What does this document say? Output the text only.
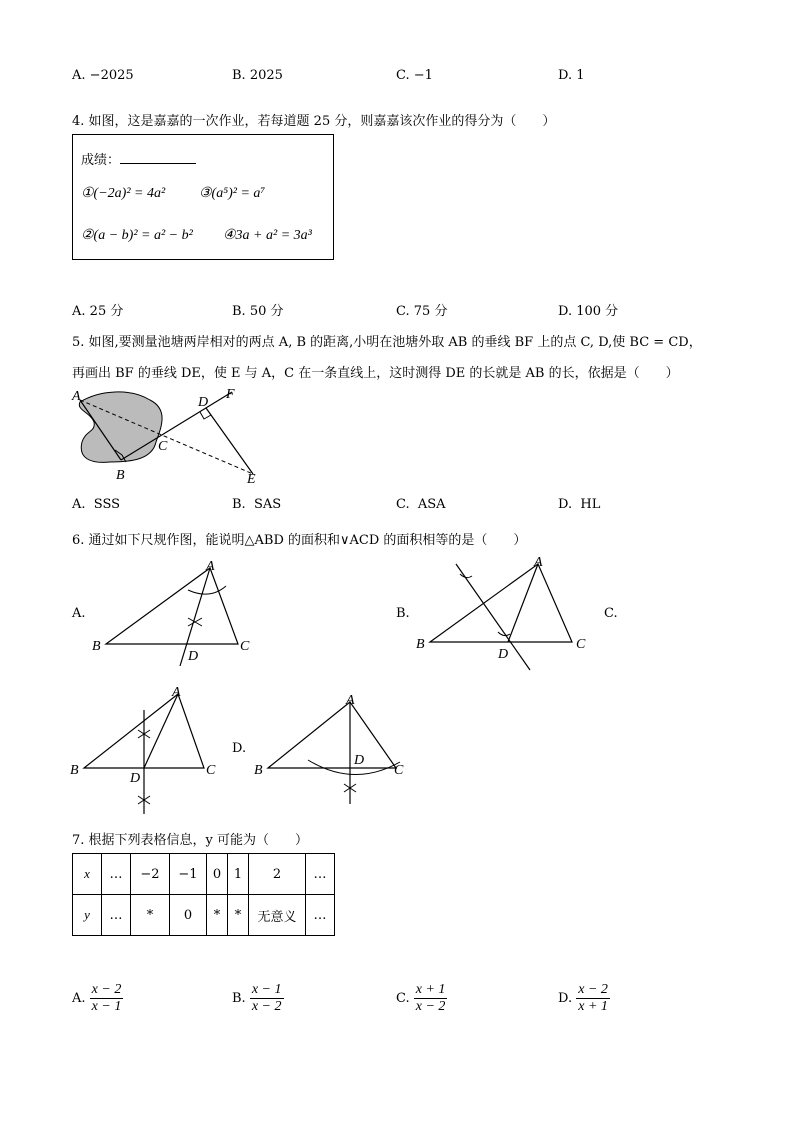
A. −2025	B. 2025	C. −1	D. 1
4. 如图，这是嘉嘉的一次作业，若每道题 25 分，则嘉嘉该次作业的得分为（　　）
成绩：
①(−2a)² = 4a² ③(a⁵)² = a⁷
②(a − b)² = a² − b² ④3a + a² = 3a³
A. 25 分	B. 50 分	C. 75 分	D. 100 分
5. 如图,要测量池塘两岸相对的两点 A, B 的距离,小明在池塘外取 AB 的垂线 BF 上的点 C, D,使 BC = CD，
再画出 BF 的垂线 DE，使 E 与 A，C 在一条直线上，这时测得 DE 的长就是 AB 的长，依据是（　　）
A
B
C
D
F
E
A. SSS	B. SAS	C. ASA	D. HL
6. 通过如下尺规作图，能说明△ABD 的面积和∨ACD 的面积相等的是（　　）
A.
A
B	C
D
B.
A
B	C
D
C.
A
B	C
D
D.
A
B	C
D
7. 根据下列表格信息，y 可能为（　　）
x	…	−2	−1	0	1	2	…
y	…	*	0	*	*	无意义	…
A. $\frac{x - 2}{x - 1}$	B. $\frac{x - 1}{x - 2}$	C. $\frac{x + 1}{x - 2}$	D. $\frac{x - 2}{x + 1}$
